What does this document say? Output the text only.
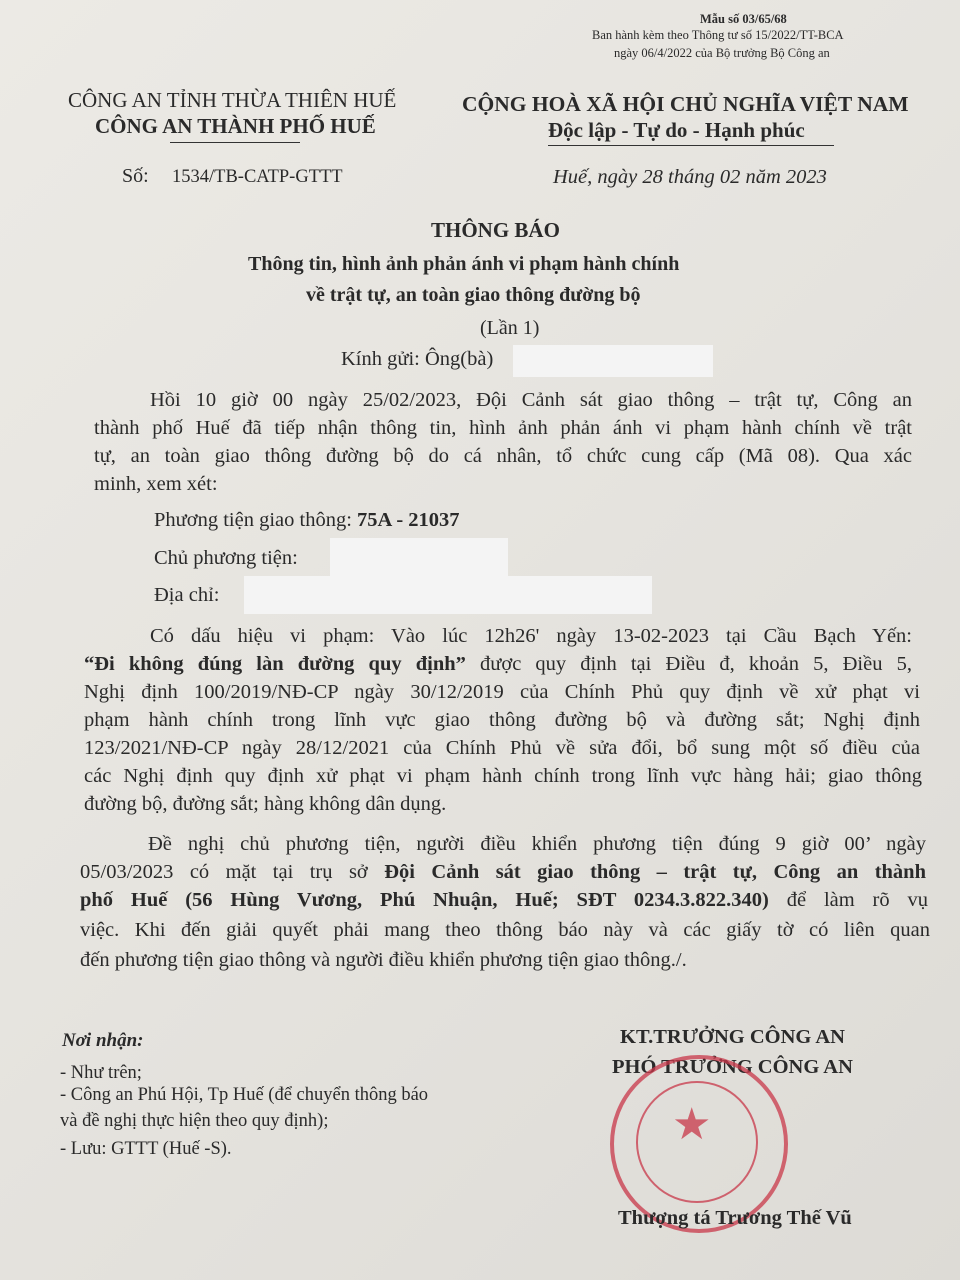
Mẫu số 03/65/68
Ban hành kèm theo Thông tư số 15/2022/TT-BCA
ngày 06/4/2022 của Bộ trưởng Bộ Công an
CÔNG AN TỈNH THỪA THIÊN HUẾ
CÔNG AN THÀNH PHỐ HUẾ
CỘNG HOÀ XÃ HỘI CHỦ NGHĨA VIỆT NAM
Độc lập - Tự do - Hạnh phúc
Số: 1534/TB-CATP-GTTT	Huế, ngày 28 tháng 02 năm 2023
THÔNG BÁO
Thông tin, hình ảnh phản ánh vi phạm hành chính
về trật tự, an toàn giao thông đường bộ
(Lần 1)
Kính gửi: Ông(bà)
Hồi 10 giờ 00 ngày 25/02/2023, Đội Cảnh sát giao thông – trật tự, Công an
thành phố Huế đã tiếp nhận thông tin, hình ảnh phản ánh vi phạm hành chính về trật
tự, an toàn giao thông đường bộ do cá nhân, tổ chức cung cấp (Mã 08). Qua xác
minh, xem xét:
Phương tiện giao thông: 75A - 21037
Chủ phương tiện:
Địa chỉ:
Có dấu hiệu vi phạm: Vào lúc 12h26' ngày 13-02-2023 tại Cầu Bạch Yến:
“Đi không đúng làn đường quy định” được quy định tại Điều đ, khoản 5, Điều 5,
Nghị định 100/2019/NĐ-CP ngày 30/12/2019 của Chính Phủ quy định về xử phạt vi
phạm hành chính trong lĩnh vực giao thông đường bộ và đường sắt; Nghị định
123/2021/NĐ-CP ngày 28/12/2021 của Chính Phủ về sửa đổi, bổ sung một số điều của
các Nghị định quy định xử phạt vi phạm hành chính trong lĩnh vực hàng hải; giao thông
đường bộ, đường sắt; hàng không dân dụng.
Đề nghị chủ phương tiện, người điều khiển phương tiện đúng 9 giờ 00’ ngày
05/03/2023 có mặt tại trụ sở Đội Cảnh sát giao thông – trật tự, Công an thành
phố Huế (56 Hùng Vương, Phú Nhuận, Huế; SĐT 0234.3.822.340) để làm rõ vụ
việc. Khi đến giải quyết phải mang theo thông báo này và các giấy tờ có liên quan
đến phương tiện giao thông và người điều khiển phương tiện giao thông./.
Nơi nhận:
- Như trên;
- Công an Phú Hội, Tp Huế (để chuyển thông báo
và đề nghị thực hiện theo quy định);
- Lưu: GTTT (Huế -S).
KT.TRƯỞNG CÔNG AN
PHÓ TRƯỞNG CÔNG AN
★
Thượng tá Trương Thế Vũ
